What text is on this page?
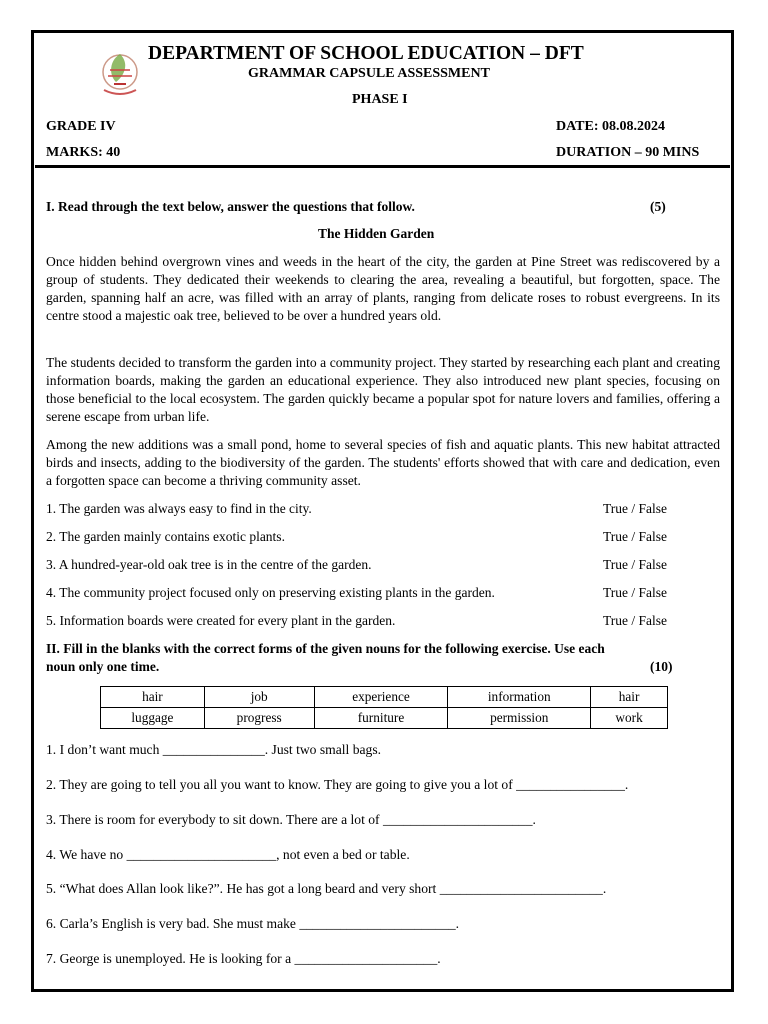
DEPARTMENT OF SCHOOL EDUCATION – DFT
GRAMMAR CAPSULE ASSESSMENT
PHASE I
GRADE IV	DATE: 08.08.2024
MARKS: 40	DURATION – 90 MINS
I. Read through the text below, answer the questions that follow.	(5)
The Hidden Garden

Once hidden behind overgrown vines and weeds in the heart of the city, the garden at Pine Street was rediscovered by a group of students. They dedicated their weekends to clearing the area, revealing a beautiful, but forgotten, space. The garden, spanning half an acre, was filled with an array of plants, ranging from delicate roses to robust evergreens. In its centre stood a majestic oak tree, believed to be over a hundred years old.

The students decided to transform the garden into a community project. They started by researching each plant and creating information boards, making the garden an educational experience. They also introduced new plant species, focusing on those beneficial to the local ecosystem. The garden quickly became a popular spot for nature lovers and families, offering a serene escape from urban life.

Among the new additions was a small pond, home to several species of fish and aquatic plants. This new habitat attracted birds and insects, adding to the biodiversity of the garden. The students' efforts showed that with care and dedication, even a forgotten space can become a thriving community asset.

1. The garden was always easy to find in the city.	True / False
2. The garden mainly contains exotic plants.	True / False
3. A hundred-year-old oak tree is in the centre of the garden.	True / False
4. The community project focused only on preserving existing plants in the garden.	True / False
5. Information boards were created for every plant in the garden.	True / False
II. Fill in the blanks with the correct forms of the given nouns for the following exercise. Use each
noun only one time.	(10)
hair	job	experience	information	hair
luggage	progress	furniture	permission	work
1. I don’t want much _______________. Just two small bags.
2. They are going to tell you all you want to know. They are going to give you a lot of ________________.
3. There is room for everybody to sit down. There are a lot of ______________________.
4. We have no ______________________, not even a bed or table.
5. “What does Allan look like?”. He has got a long beard and very short ________________________.
6. Carla’s English is very bad. She must make _______________________.
7. George is unemployed. He is looking for a _____________________.
